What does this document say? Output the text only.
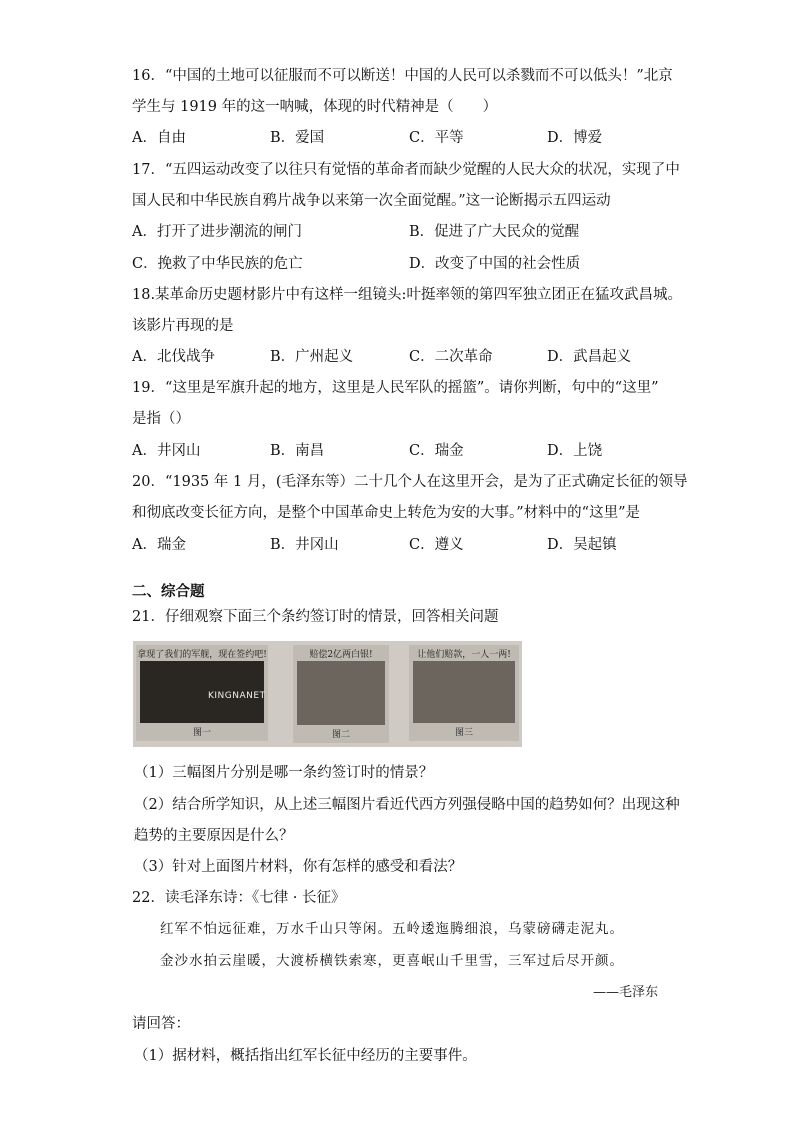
16．“中国的土地可以征服而不可以断送！中国的人民可以杀戮而不可以低头！”北京
学生与 1919 年的这一呐喊，体现的时代精神是（　　）
A．自由	B．爱国	C．平等	D．博爱
17．“五四运动改变了以往只有觉悟的革命者而缺少觉醒的人民大众的状况，实现了中
国人民和中华民族自鸦片战争以来第一次全面觉醒。”这一论断揭示五四运动
A．打开了进步潮流的闸门	B．促进了广大民众的觉醒
C．挽救了中华民族的危亡	D．改变了中国的社会性质
18.某革命历史题材影片中有这样一组镜头:叶挺率领的第四军独立团正在猛攻武昌城。
该影片再现的是
A．北伐战争	B．广州起义	C．二次革命	D．武昌起义
19．“这里是军旗升起的地方，这里是人民军队的摇篮”。请你判断，句中的“这里”
是指（）
A．井冈山	B．南昌	C．瑞金	D．上饶
20．“1935 年 1 月，(毛泽东等）二十几个人在这里开会，是为了正式确定长征的领导
和彻底改变长征方向，是整个中国革命史上转危为安的大事。”材料中的“这里”是
A．瑞金	B．井冈山	C．遵义	D．吴起镇
二、综合题
21．仔细观察下面三个条约签订时的情景，回答相关问题
拿现了我们的军舰，现在签约吧!
KINGNANET
图一
赔偿2亿两白银!
图二
让他们赔款，一人一两!
图三
（1）三幅图片分别是哪一条约签订时的情景？
（2）结合所学知识，从上述三幅图片看近代西方列强侵略中国的趋势如何？出现这种
趋势的主要原因是什么？
（3）针对上面图片材料，你有怎样的感受和看法？
22．读毛泽东诗：《七律 · 长征》
红军不怕远征难，万水千山只等闲。五岭逶迤腾细浪，乌蒙磅礴走泥丸。
金沙水拍云崖暖，大渡桥横铁索寒，更喜岷山千里雪，三军过后尽开颜。
——毛泽东
请回答：
（1）据材料，概括指出红军长征中经历的主要事件。
